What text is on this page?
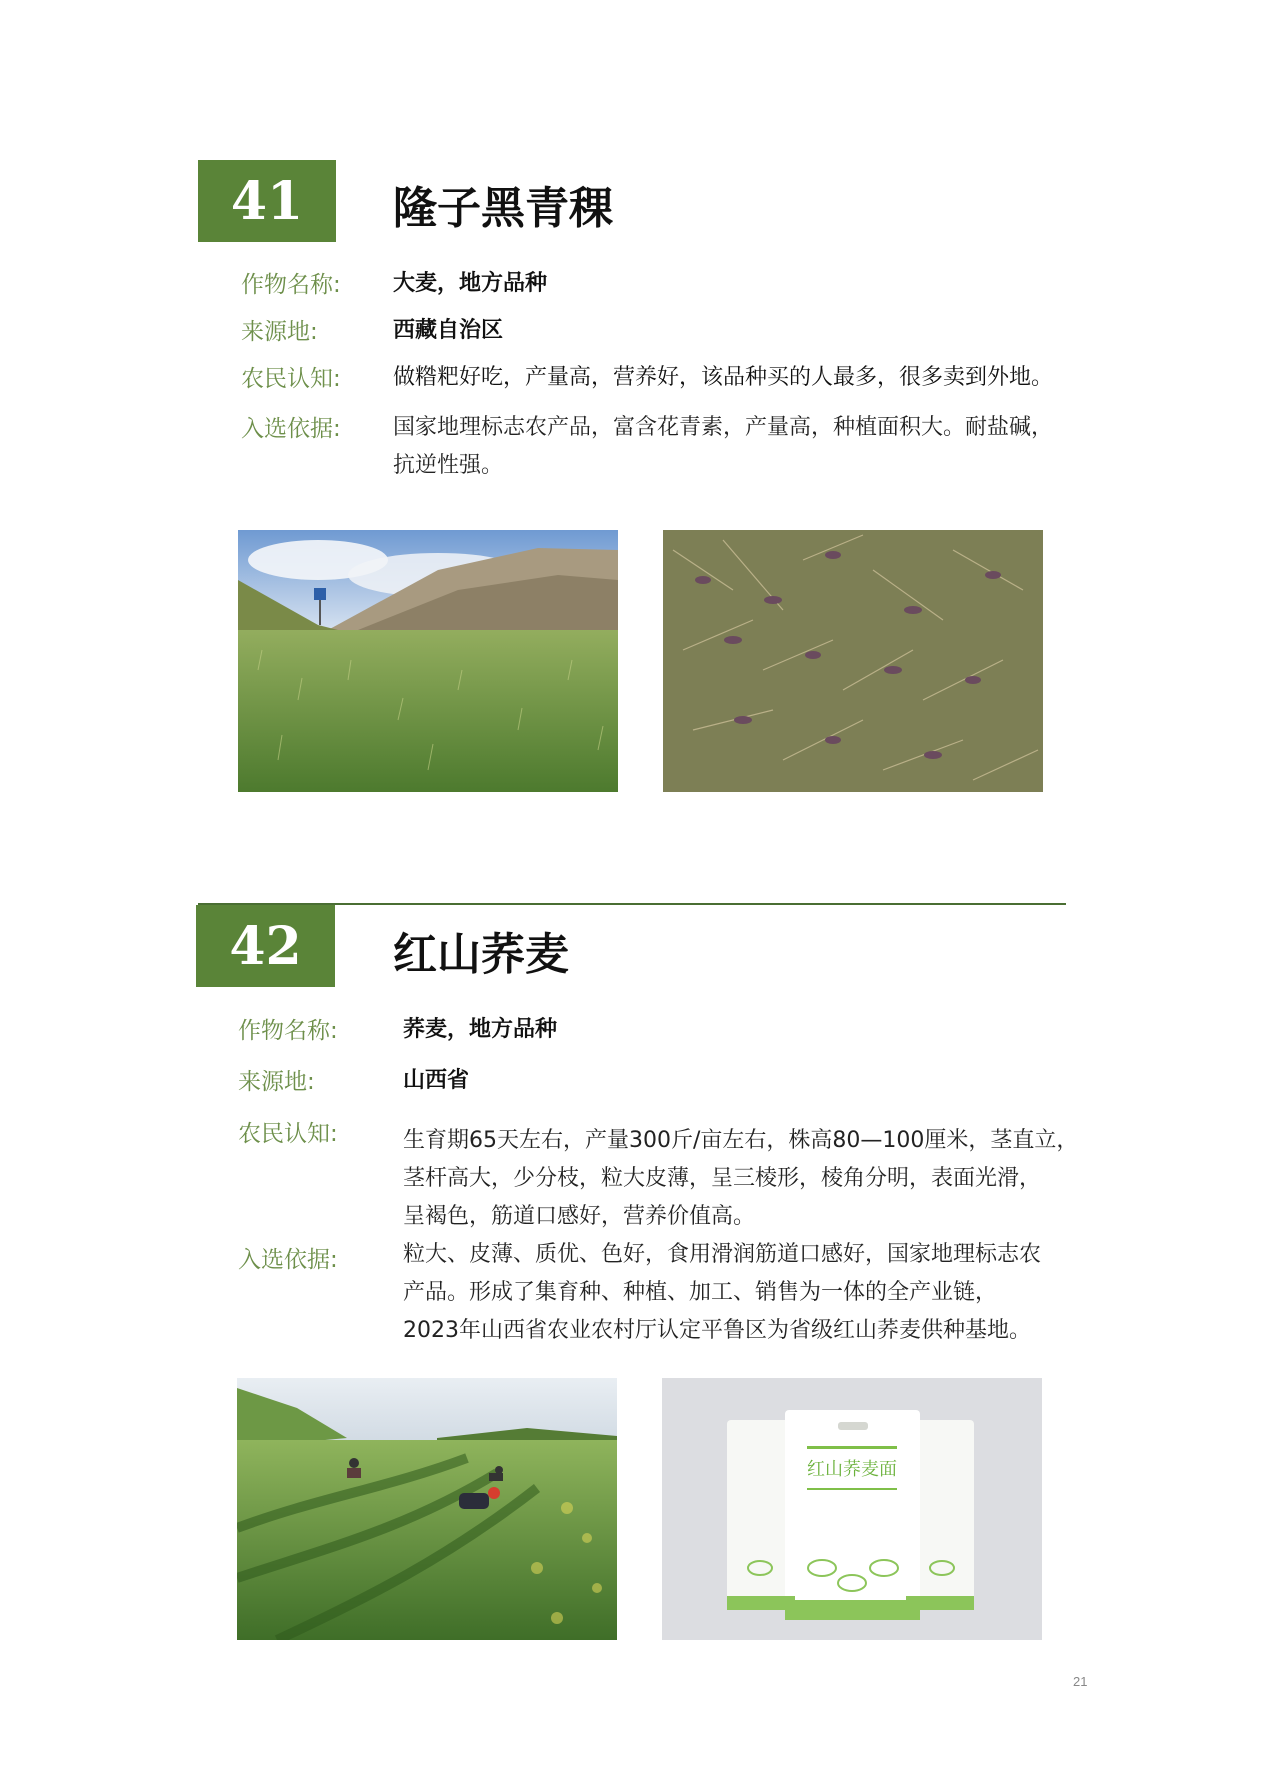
41 隆子黑青稞
作物名称: 大麦，地方品种
来源地:	西藏自治区
农民认知: 做糌粑好吃，产量高，营养好，该品种买的人最多，很多卖到外地。
入选依据: 国家地理标志农产品，富含花青素，产量高，种植面积大。耐盐碱，
抗逆性强。
42 红山荞麦
作物名称:	荞麦，地方品种
来源地:	山西省
农民认知:	生育期65天左右，产量300斤/亩左右，株高80—100厘米，茎直立，
茎杆高大，少分枝，粒大皮薄，呈三棱形，棱角分明，表面光滑，
呈褐色，筋道口感好，营养价值高。
入选依据:	粒大、皮薄、质优、色好，食用滑润筋道口感好，国家地理标志农
产品。形成了集育种、种植、加工、销售为一体的全产业链，
2023年山西省农业农村厅认定平鲁区为省级红山荞麦供种基地。
红山荞麦面
21
